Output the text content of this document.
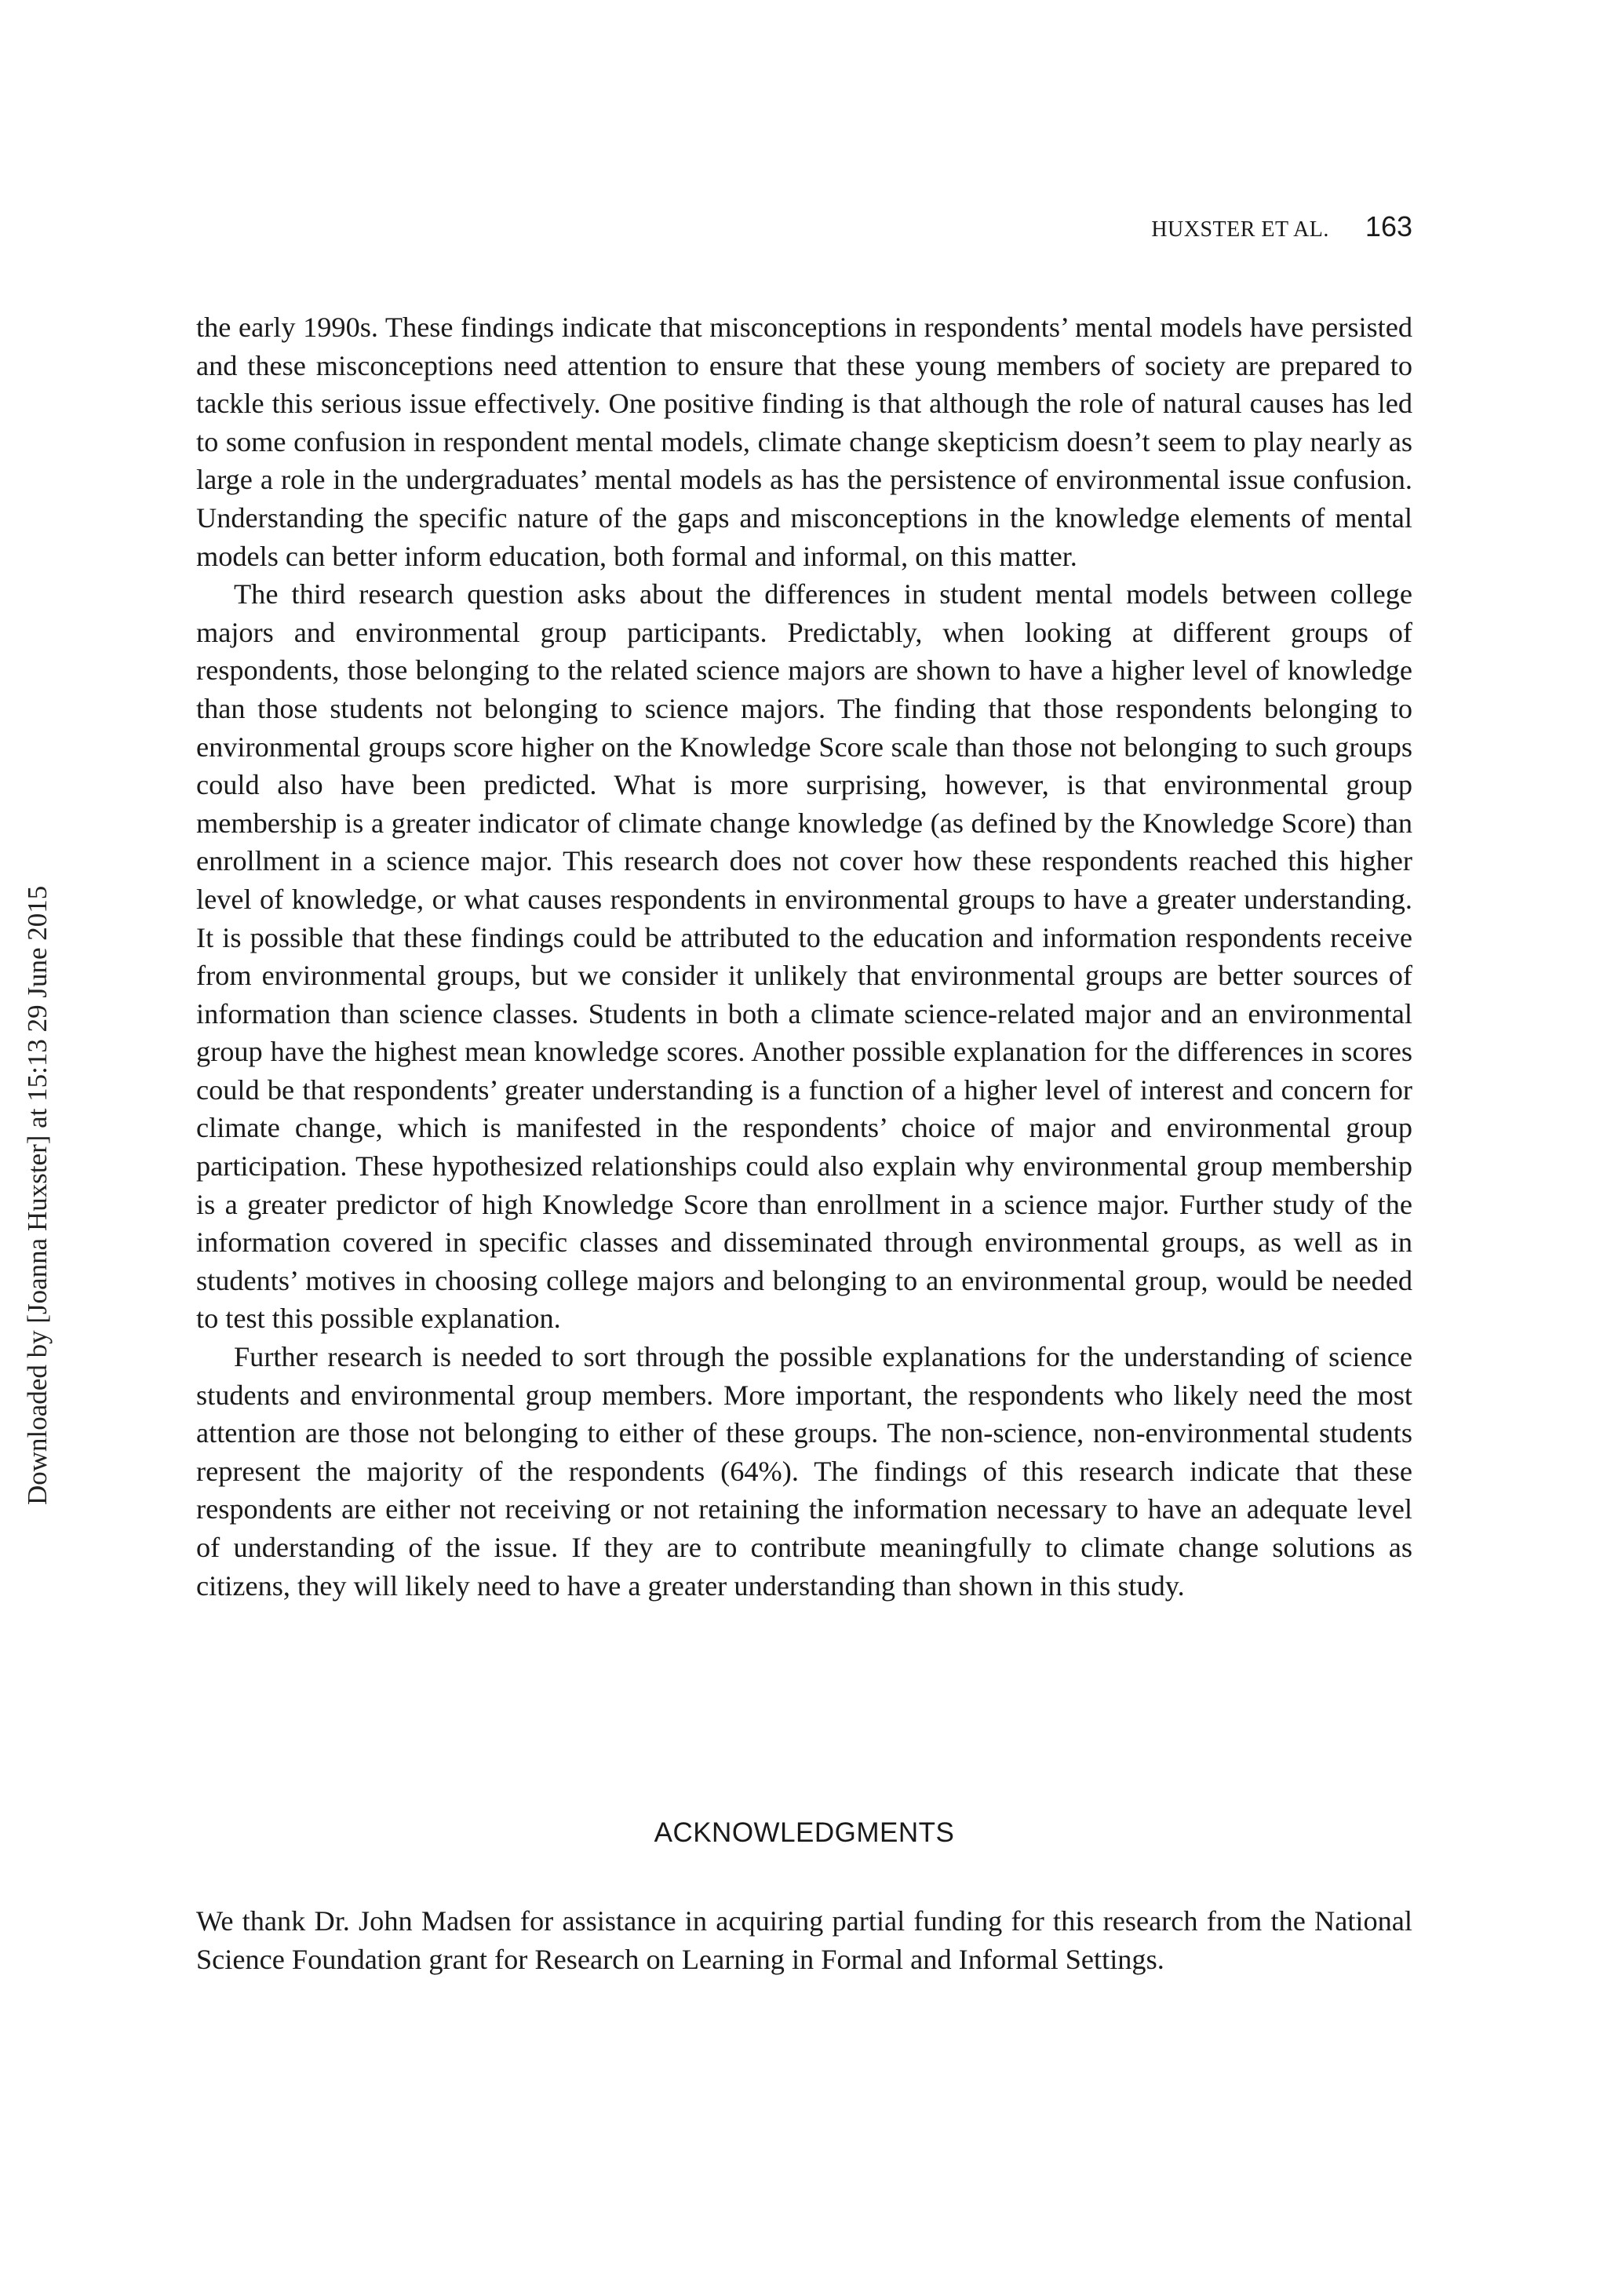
HUXSTER ET AL. 163
Downloaded by [Joanna Huxster] at 15:13 29 June 2015

the early 1990s. These findings indicate that misconceptions in respondents’ mental models have persisted and these misconceptions need attention to ensure that these young members of society are prepared to tackle this serious issue effectively. One positive finding is that although the role of natural causes has led to some confusion in respondent mental models, climate change skepticism doesn’t seem to play nearly as large a role in the undergraduates’ mental models as has the persistence of environmental issue confusion. Understanding the specific nature of the gaps and misconceptions in the knowledge elements of mental models can better inform education, both formal and informal, on this matter.

The third research question asks about the differences in student mental models between college majors and environmental group participants. Predictably, when looking at different groups of respondents, those belonging to the related science majors are shown to have a higher level of knowledge than those students not belonging to science majors. The finding that those respondents belonging to environmental groups score higher on the Knowledge Score scale than those not belonging to such groups could also have been predicted. What is more surprising, however, is that environmental group membership is a greater indicator of climate change knowledge (as defined by the Knowledge Score) than enrollment in a science major. This research does not cover how these respondents reached this higher level of knowledge, or what causes respondents in environmental groups to have a greater understanding. It is possible that these findings could be attributed to the education and information respondents receive from environmental groups, but we consider it unlikely that environmental groups are better sources of information than science classes. Students in both a climate science-related major and an environmental group have the highest mean knowledge scores. Another possible explanation for the differences in scores could be that respondents’ greater understanding is a function of a higher level of interest and concern for climate change, which is manifested in the respondents’ choice of major and environmental group participation. These hypothesized relationships could also explain why environmental group membership is a greater predictor of high Knowledge Score than enrollment in a science major. Further study of the information covered in specific classes and disseminated through environmental groups, as well as in students’ motives in choosing college majors and belonging to an environmental group, would be needed to test this possible explanation.

Further research is needed to sort through the possible explanations for the understanding of science students and environmental group members. More important, the respondents who likely need the most attention are those not belonging to either of these groups. The non-science, non-environmental students represent the majority of the respondents (64%). The findings of this research indicate that these respondents are either not receiving or not retaining the information necessary to have an adequate level of understanding of the issue. If they are to contribute meaningfully to climate change solutions as citizens, they will likely need to have a greater understanding than shown in this study.

ACKNOWLEDGMENTS

We thank Dr. John Madsen for assistance in acquiring partial funding for this research from the National Science Foundation grant for Research on Learning in Formal and Informal Settings.
